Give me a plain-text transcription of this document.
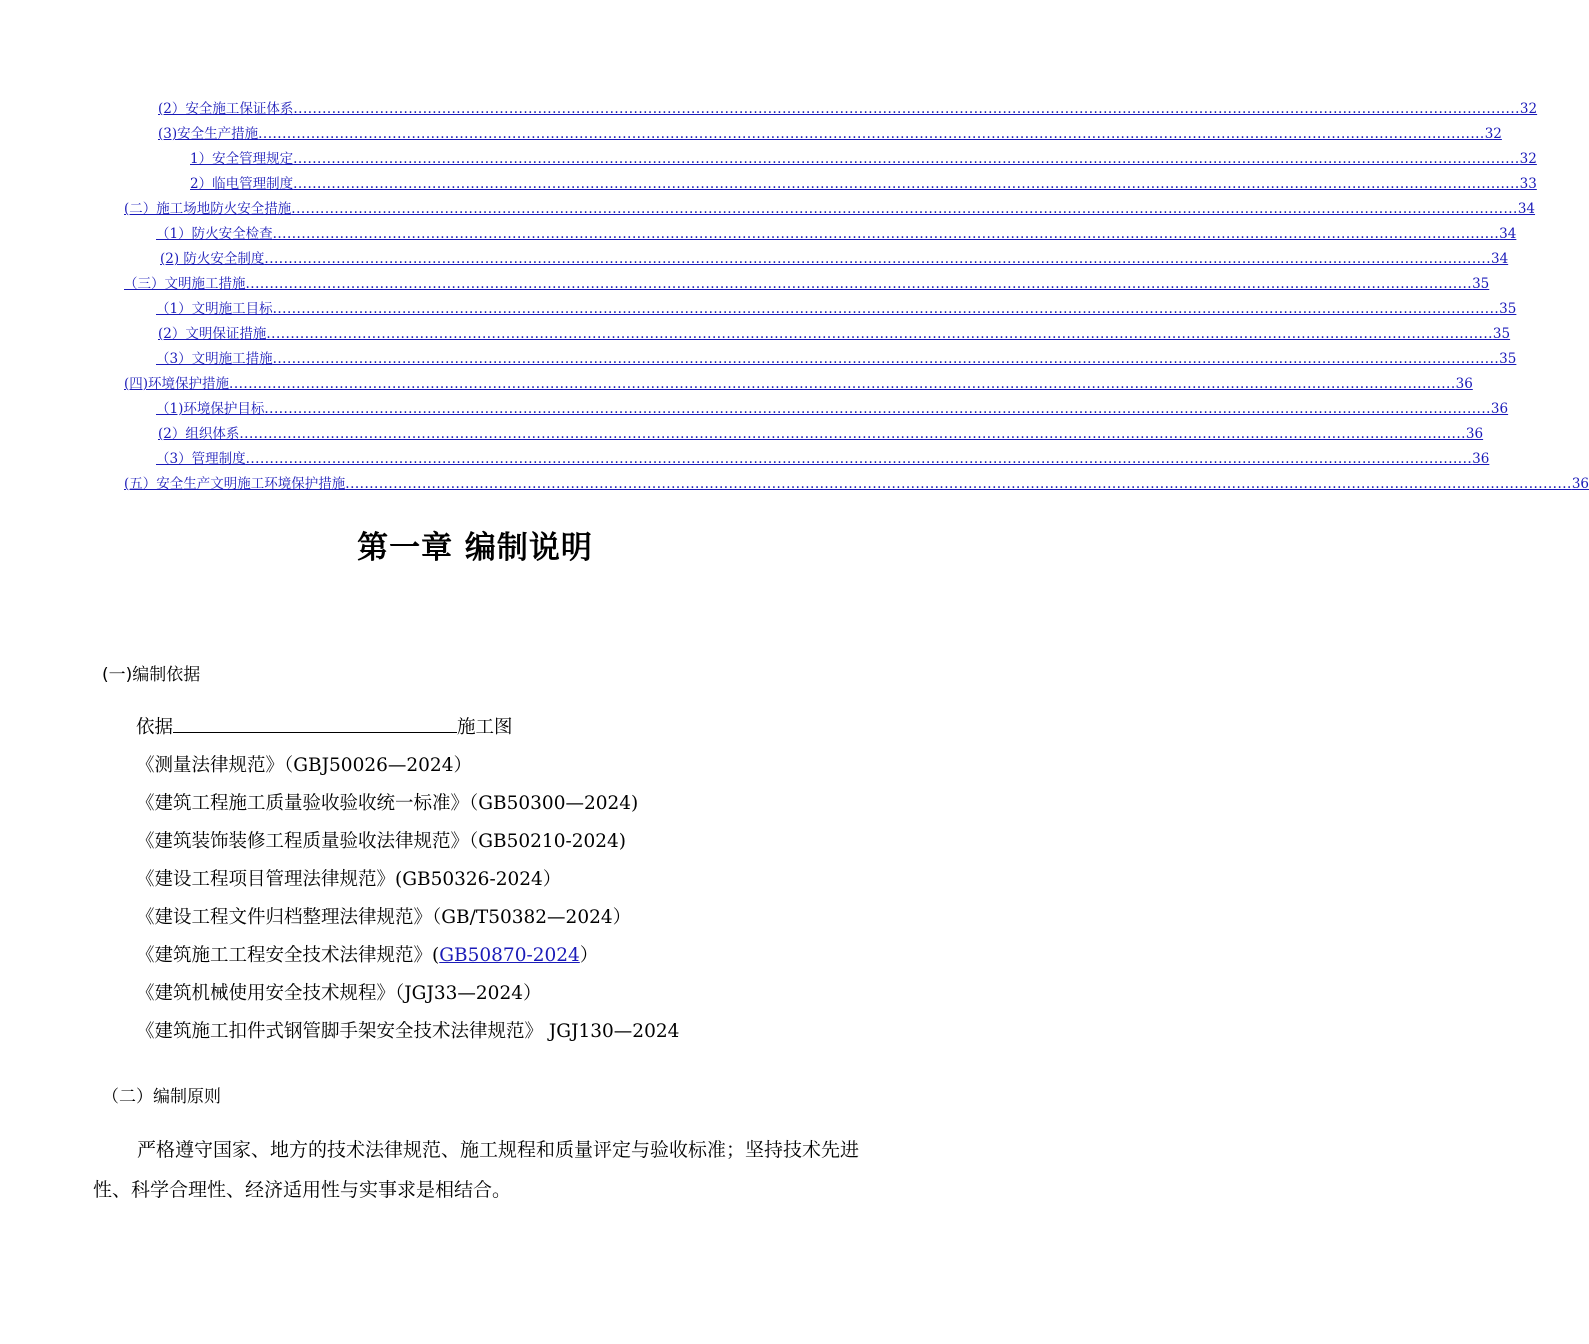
(2）安全施工保证体系 ................................................................................................................................................................................................................................................................ 32
(3)安全生产措施 ................................................................................................................................................................................................................................................................ 32
1）安全管理规定 ................................................................................................................................................................................................................................................................ 32
2）临电管理制度 ................................................................................................................................................................................................................................................................ 33
(二）施工场地防火安全措施 ................................................................................................................................................................................................................................................................ 34
（1）防火安全检查 ................................................................................................................................................................................................................................................................ 34
(2) 防火安全制度 ................................................................................................................................................................................................................................................................ 34
（三）文明施工措施 ................................................................................................................................................................................................................................................................ 35
（1）文明施工目标 ................................................................................................................................................................................................................................................................ 35
(2）文明保证措施 ................................................................................................................................................................................................................................................................ 35
（3）文明施工措施 ................................................................................................................................................................................................................................................................ 35
(四)环境保护措施 ................................................................................................................................................................................................................................................................ 36
（1)环境保护目标 ................................................................................................................................................................................................................................................................ 36
(2）组织体系 ................................................................................................................................................................................................................................................................ 36
（3）管理制度 ................................................................................................................................................................................................................................................................ 36
(五）安全生产文明施工环境保护措施 ................................................................................................................................................................................................................................................................ 36
第一章 编制说明
(一)编制依据
依据	施工图
《测量法律规范》（GBJ50026—2024）
《建筑工程施工质量验收验收统一标准》（GB50300—2024)
《建筑装饰装修工程质量验收法律规范》（GB50210-2024)
《建设工程项目管理法律规范》(GB50326-2024）
《建设工程文件归档整理法律规范》（GB/T50382—2024）
《建筑施工工程安全技术法律规范》(GB50870-2024）
《建筑机械使用安全技术规程》（JGJ33—2024）
《建筑施工扣件式钢管脚手架安全技术法律规范》 JGJ130—2024
（二）编制原则
严格遵守国家、地方的技术法律规范、施工规程和质量评定与验收标准；坚持技术先进性、科学合理性、经济适用性与实事求是相结合。
